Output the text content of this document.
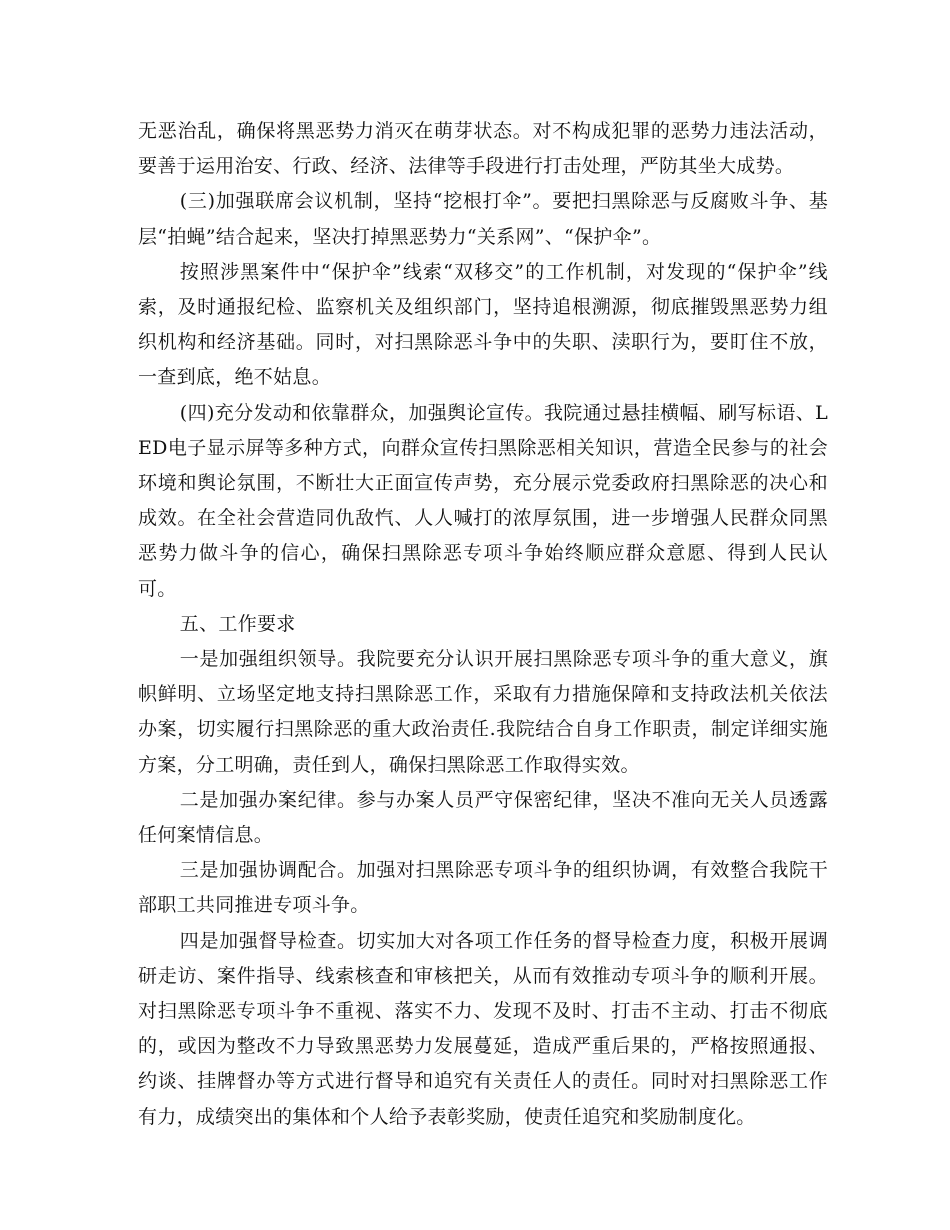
无恶治乱，确保将黑恶势力消灭在萌芽状态。对不构成犯罪的恶势力违法活动，要善于运用治安、行政、经济、法律等手段进行打击处理，严防其坐大成势。

(三)加强联席会议机制，坚持“挖根打伞”。要把扫黑除恶与反腐败斗争、基层“拍蝇”结合起来，坚决打掉黑恶势力“关系网”、“保护伞”。

按照涉黑案件中“保护伞”线索“双移交”的工作机制，对发现的“保护伞”线索，及时通报纪检、监察机关及组织部门，坚持追根溯源，彻底摧毁黑恶势力组织机构和经济基础。同时，对扫黑除恶斗争中的失职、渎职行为，要盯住不放，一查到底，绝不姑息。

(四)充分发动和依靠群众，加强舆论宣传。我院通过悬挂横幅、刷写标语、LED电子显示屏等多种方式，向群众宣传扫黑除恶相关知识，营造全民参与的社会环境和舆论氛围，不断壮大正面宣传声势，充分展示党委政府扫黑除恶的决心和成效。在全社会营造同仇敌忾、人人喊打的浓厚氛围，进一步增强人民群众同黑恶势力做斗争的信心，确保扫黑除恶专项斗争始终顺应群众意愿、得到人民认可。

五、工作要求

一是加强组织领导。我院要充分认识开展扫黑除恶专项斗争的重大意义，旗帜鲜明、立场坚定地支持扫黑除恶工作，采取有力措施保障和支持政法机关依法办案，切实履行扫黑除恶的重大政治责任.我院结合自身工作职责，制定详细实施方案，分工明确，责任到人，确保扫黑除恶工作取得实效。

二是加强办案纪律。参与办案人员严守保密纪律，坚决不准向无关人员透露任何案情信息。

三是加强协调配合。加强对扫黑除恶专项斗争的组织协调，有效整合我院干部职工共同推进专项斗争。

四是加强督导检查。切实加大对各项工作任务的督导检查力度，积极开展调研走访、案件指导、线索核查和审核把关，从而有效推动专项斗争的顺利开展。对扫黑除恶专项斗争不重视、落实不力、发现不及时、打击不主动、打击不彻底的，或因为整改不力导致黑恶势力发展蔓延，造成严重后果的，严格按照通报、约谈、挂牌督办等方式进行督导和追究有关责任人的责任。同时对扫黑除恶工作有力，成绩突出的集体和个人给予表彰奖励，使责任追究和奖励制度化。
